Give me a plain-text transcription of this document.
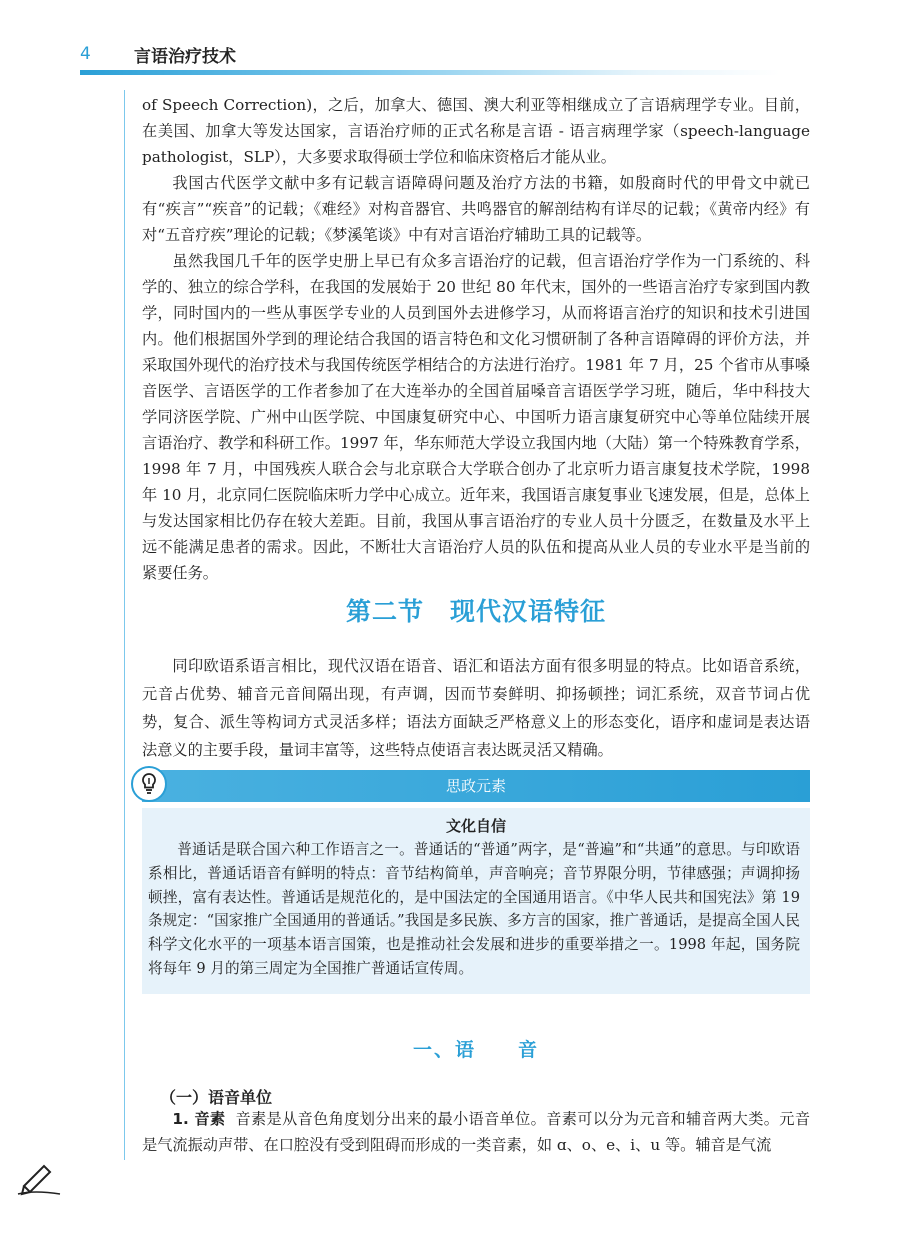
4	言语治疗技术

of Speech Correction)，之后，加拿大、德国、澳大利亚等相继成立了言语病理学专业。目前，在美国、加拿大等发达国家，言语治疗师的正式名称是言语 - 语言病理学家（speech-language pathologist，SLP），大多要求取得硕士学位和临床资格后才能从业。

我国古代医学文献中多有记载言语障碍问题及治疗方法的书籍，如殷商时代的甲骨文中就已有“疾言”“疾音”的记载；《难经》对构音器官、共鸣器官的解剖结构有详尽的记载；《黄帝内经》有对“五音疗疾”理论的记载；《梦溪笔谈》中有对言语治疗辅助工具的记载等。

虽然我国几千年的医学史册上早已有众多言语治疗的记载，但言语治疗学作为一门系统的、科学的、独立的综合学科，在我国的发展始于 20 世纪 80 年代末，国外的一些语言治疗专家到国内教学，同时国内的一些从事医学专业的人员到国外去进修学习，从而将语言治疗的知识和技术引进国内。他们根据国外学到的理论结合我国的语言特色和文化习惯研制了各种言语障碍的评价方法，并采取国外现代的治疗技术与我国传统医学相结合的方法进行治疗。1981 年 7 月，25 个省市从事嗓音医学、言语医学的工作者参加了在大连举办的全国首届嗓音言语医学学习班，随后，华中科技大学同济医学院、广州中山医学院、中国康复研究中心、中国听力语言康复研究中心等单位陆续开展言语治疗、教学和科研工作。1997 年，华东师范大学设立我国内地（大陆）第一个特殊教育学系，1998 年 7 月，中国残疾人联合会与北京联合大学联合创办了北京听力语言康复技术学院，1998 年 10 月，北京同仁医院临床听力学中心成立。近年来，我国语言康复事业飞速发展，但是，总体上与发达国家相比仍存在较大差距。目前，我国从事言语治疗的专业人员十分匮乏，在数量及水平上远不能满足患者的需求。因此，不断壮大言语治疗人员的队伍和提高从业人员的专业水平是当前的紧要任务。

第二节　现代汉语特征

同印欧语系语言相比，现代汉语在语音、语汇和语法方面有很多明显的特点。比如语音系统，元音占优势、辅音元音间隔出现，有声调，因而节奏鲜明、抑扬顿挫；词汇系统，双音节词占优势，复合、派生等构词方式灵活多样；语法方面缺乏严格意义上的形态变化，语序和虚词是表达语法意义的主要手段，量词丰富等，这些特点使语言表达既灵活又精确。

思政元素
文化自信

普通话是联合国六种工作语言之一。普通话的“普通”两字，是“普遍”和“共通”的意思。与印欧语系相比，普通话语音有鲜明的特点：音节结构简单，声音响亮；音节界限分明，节律感强；声调抑扬顿挫，富有表达性。普通话是规范化的，是中国法定的全国通用语言。《中华人民共和国宪法》第 19 条规定：“国家推广全国通用的普通话。”我国是多民族、多方言的国家，推广普通话，是提高全国人民科学文化水平的一项基本语言国策，也是推动社会发展和进步的重要举措之一。1998 年起，国务院将每年 9 月的第三周定为全国推广普通话宣传周。

一、语　　音
（一）语音单位

1. 音素 音素是从音色角度划分出来的最小语音单位。音素可以分为元音和辅音两大类。元音是气流振动声带、在口腔没有受到阻碍而形成的一类音素，如 ɑ、o、e、i、u 等。辅音是气流
